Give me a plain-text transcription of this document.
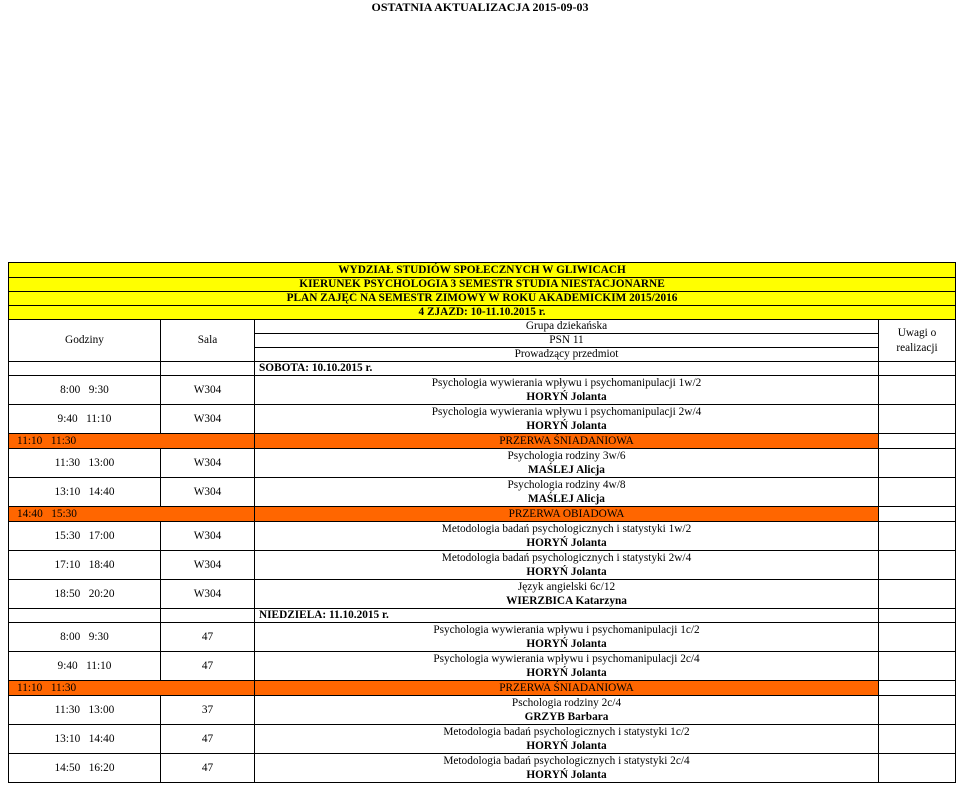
OSTATNIA AKTUALIZACJA 2015-09-03
WYDZIAŁ STUDIÓW SPOŁECZNYCH W GLIWICACH			
KIERUNEK PSYCHOLOGIA 3 SEMESTR STUDIA NIESTACJONARNE			
PLAN ZAJĘĆ NA SEMESTR ZIMOWY W ROKU AKADEMICKIM 2015/2016			
4 ZJAZD: 10-11.10.2015 r.			
Godziny	Sala	Grupa dziekańska	Uwagi o realizacji
		PSN 11	
		Prowadzący przedmiot	
		SOBOTA: 10.10.2015 r.	
8:00 9:30	W304	Psychologia wywierania wpływu i psychomanipulacji 1w/2
HORYŃ Jolanta	

9:40 11:10	W304	Psychologia wywierania wpływu i psychomanipulacji 2w/4
HORYŃ Jolanta	

11:10 11:30		PRZERWA ŚNIADANIOWA	
11:30 13:00	W304	Psychologia rodziny 3w/6
MAŚLEJ Alicja	

13:10 14:40	W304	Psychologia rodziny 4w/8
MAŚLEJ Alicja	

14:40 15:30		PRZERWA OBIADOWA	
15:30 17:00	W304	Metodologia badań psychologicznych i statystyki 1w/2
HORYŃ Jolanta	

17:10 18:40	W304	Metodologia badań psychologicznych i statystyki 2w/4
HORYŃ Jolanta	

18:50 20:20	W304	Język angielski 6c/12
WIERZBICA Katarzyna	

		NIEDZIELA: 11.10.2015 r.	
8:00 9:30	47	Psychologia wywierania wpływu i psychomanipulacji 1c/2
HORYŃ Jolanta	

9:40 11:10	47	Psychologia wywierania wpływu i psychomanipulacji 2c/4
HORYŃ Jolanta	

11:10 11:30		PRZERWA ŚNIADANIOWA	
11:30 13:00	37	Pschologia rodziny 2c/4
GRZYB Barbara	

13:10 14:40	47	Metodologia badań psychologicznych i statystyki 1c/2
HORYŃ Jolanta	

14:50 16:20	47	Metodologia badań psychologicznych i statystyki 2c/4
HORYŃ Jolanta	
